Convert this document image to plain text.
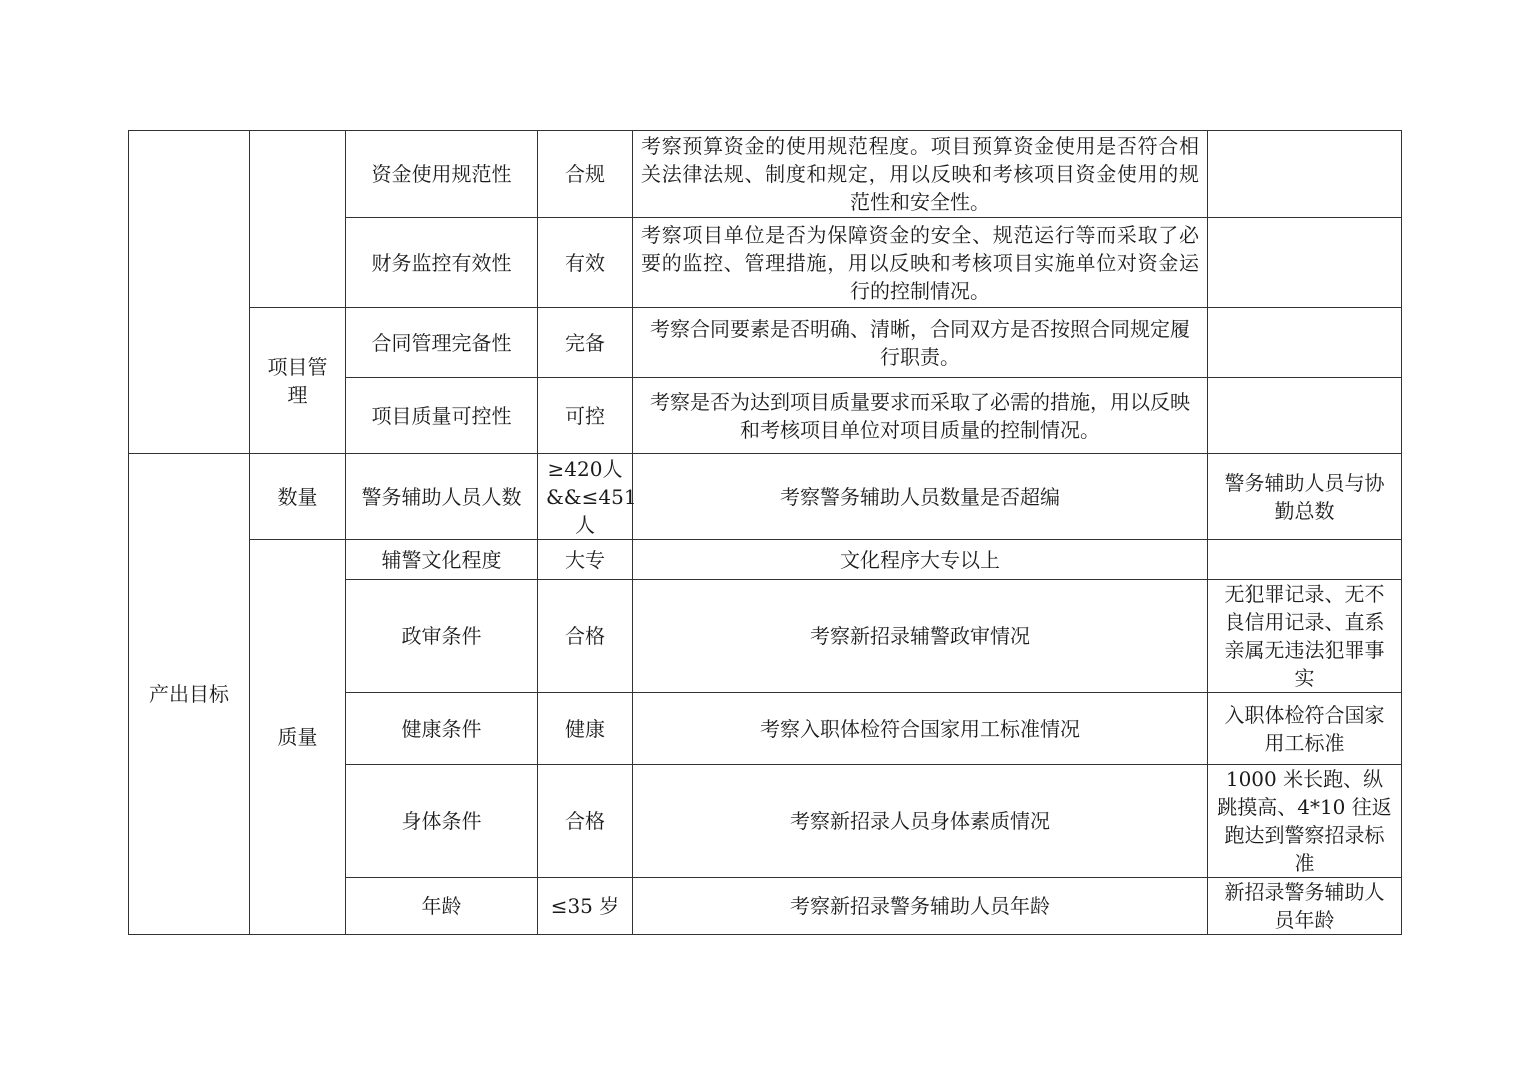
		资金使用规范性	合规	考察预算资金的使用规范程度。项目预算资金使用是否符合相关法律法规、制度和规定，用以反映和考核项目资金使用的规范性和安全性。	
		财务监控有效性	有效	考察项目单位是否为保障资金的安全、规范运行等而采取了必要的监控、管理措施，用以反映和考核项目实施单位对资金运行的控制情况。	
	项目管理	合同管理完备性	完备	考察合同要素是否明确、清晰，合同双方是否按照合同规定履行职责。	
		项目质量可控性	可控	考察是否为达到项目质量要求而采取了必需的措施，用以反映和考核项目单位对项目质量的控制情况。	
产出目标	数量	警务辅助人员人数	≥420人&&≤451 人	考察警务辅助人员数量是否超编	警务辅助人员与协勤总数
	质量	辅警文化程度	大专	文化程序大专以上	
		政审条件	合格	考察新招录辅警政审情况	无犯罪记录、无不良信用记录、直系亲属无违法犯罪事实
		健康条件	健康	考察入职体检符合国家用工标准情况	入职体检符合国家用工标准
		身体条件	合格	考察新招录人员身体素质情况	1000 米长跑、纵跳摸高、4*10 往返跑达到警察招录标准
		年龄	≤35 岁	考察新招录警务辅助人员年龄	新招录警务辅助人员年龄
